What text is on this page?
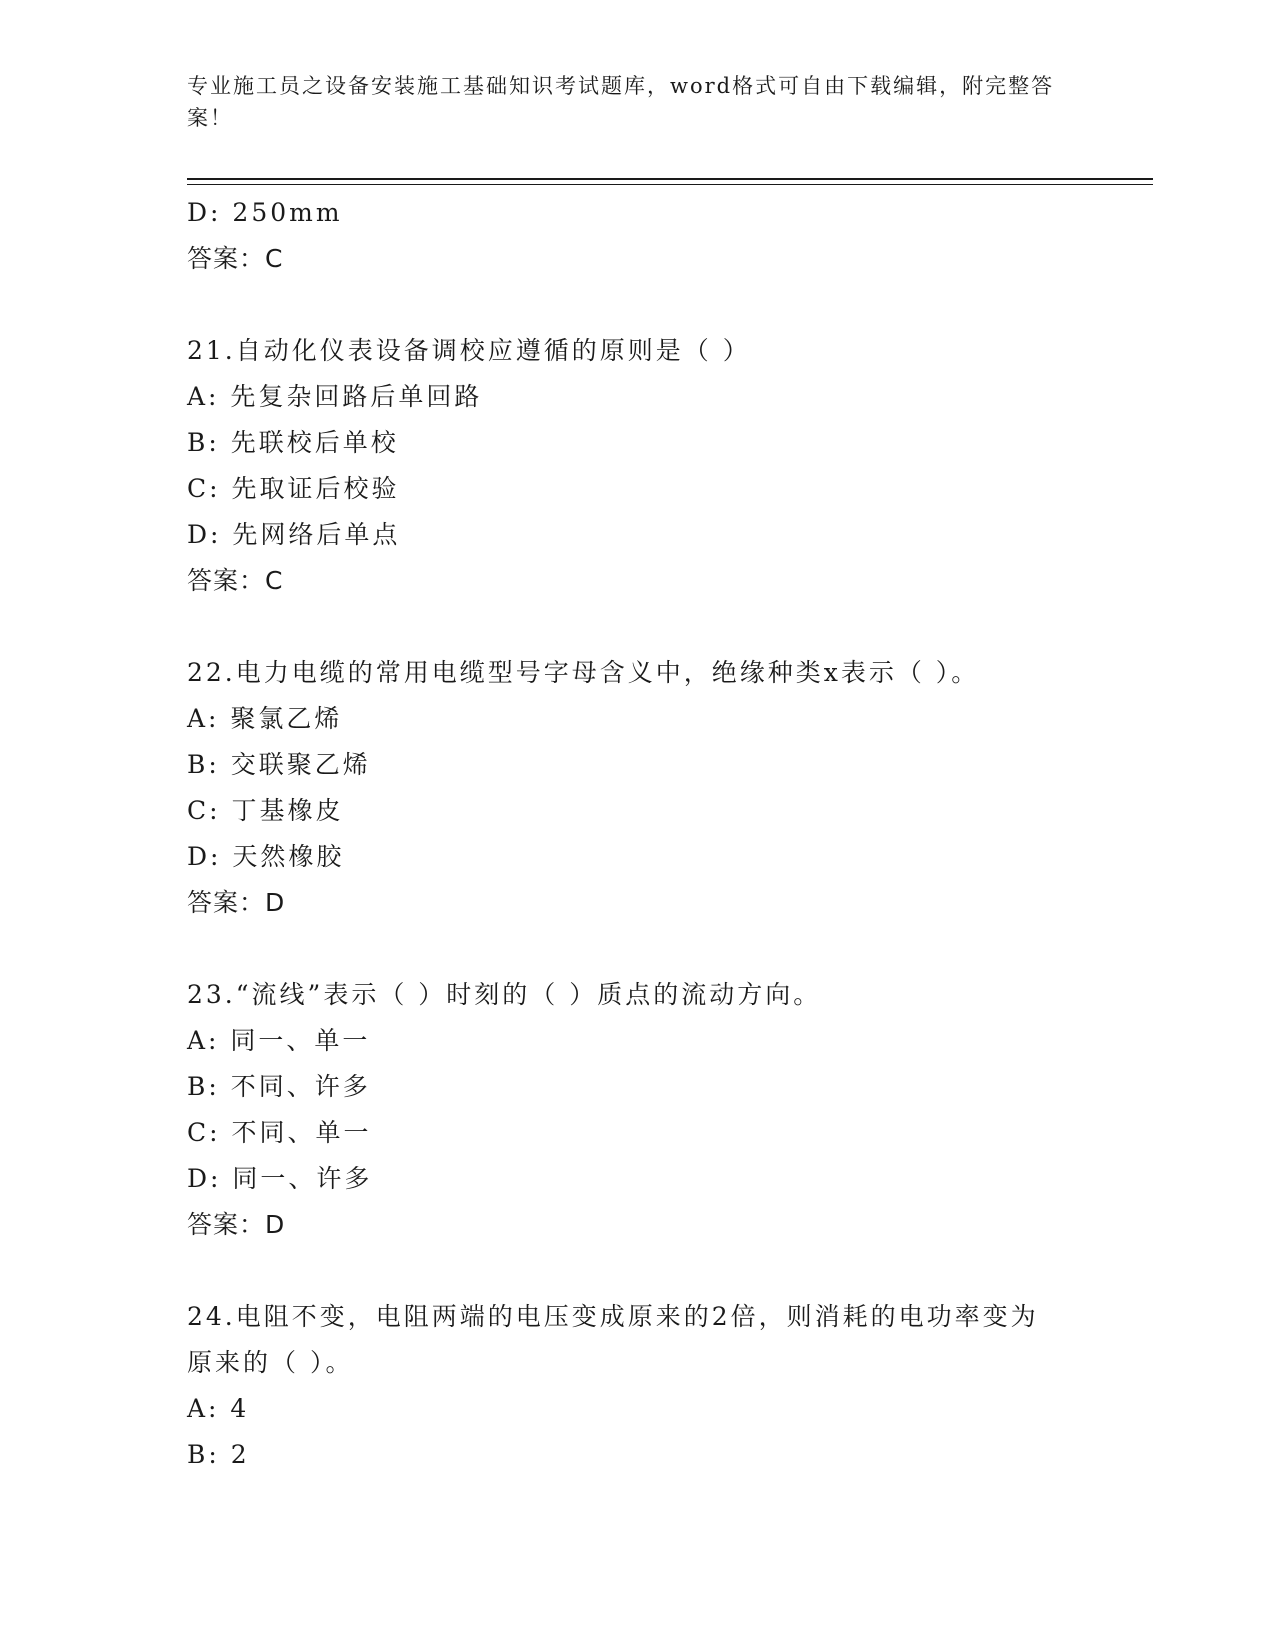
专业施工员之设备安装施工基础知识考试题库，word格式可自由下载编辑，附完整答案！
D: 250mm
答案：C
21.自动化仪表设备调校应遵循的原则是（ ）
A: 先复杂回路后单回路
B: 先联校后单校
C: 先取证后校验
D: 先网络后单点
答案：C
22.电力电缆的常用电缆型号字母含义中，绝缘种类x表示（ ）。
A: 聚氯乙烯
B: 交联聚乙烯
C: 丁基橡皮
D: 天然橡胶
答案：D
23.“流线”表示（ ）时刻的（ ）质点的流动方向。
A: 同一、单一
B: 不同、许多
C: 不同、单一
D: 同一、许多
答案：D
24.电阻不变，电阻两端的电压变成原来的2倍，则消耗的电功率变为
原来的（ ）。
A: 4
B: 2
